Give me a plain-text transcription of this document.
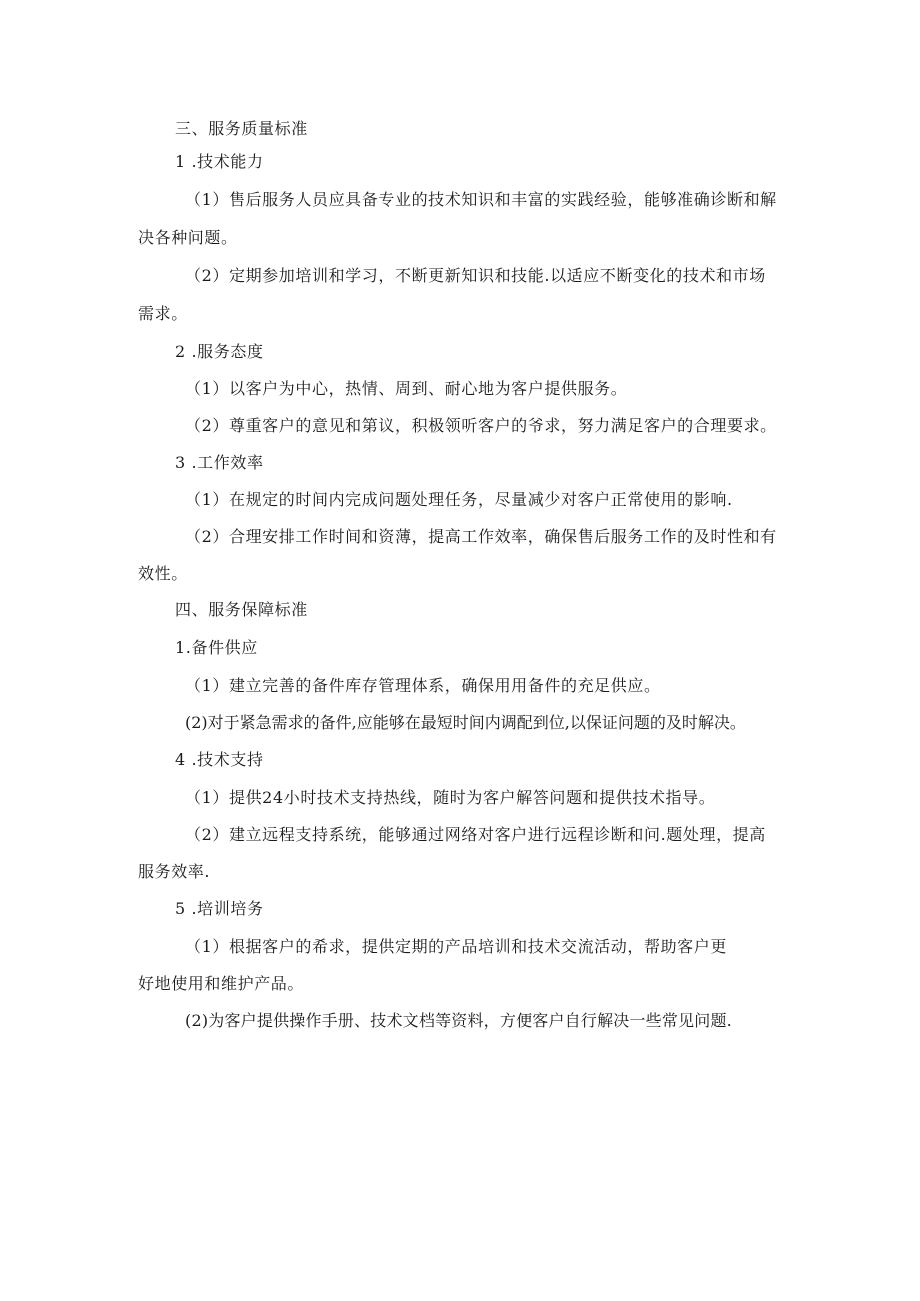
三、服务质量标准
1 .技术能力
（1）售后服务人员应具备专业的技术知识和丰富的实践经验，能够准确诊断和解
决各种问题。
（2）定期参加培训和学习，不断更新知识和技能.以适应不断变化的技术和市场
需求。
2 .服务态度
（1）以客户为中心，热情、周到、耐心地为客户提供服务。
（2）尊重客户的意见和第议，积极领听客户的爷求，努力满足客户的合理要求。
3 .工作效率
（1）在规定的时间内完成问题处理任务，尽量减少对客户正常使用的影响.
（2）合理安排工作时间和资薄，提高工作效率，确保售后服务工作的及时性和有
效性。
四、服务保障标准
1.备件供应
（1）建立完善的备件库存管理体系，确保用用备件的充足供应。
(2)对于紧急需求的备件,应能够在最短时间内调配到位,以保证问题的及时解决。
4 .技术支持
（1）提供24小时技术支持热线，随时为客户解答问题和提供技术指导。
（2）建立远程支持系统，能够通过网络对客户进行远程诊断和问.题处理，提高
服务效率.
5 .培训培务
（1）根据客户的希求，提供定期的产品培训和技术交流活动，帮助客户更
好地使用和维护产品。
(2)为客户提供操作手册、技术文档等资料，方便客户自行解决一些常见问题.
